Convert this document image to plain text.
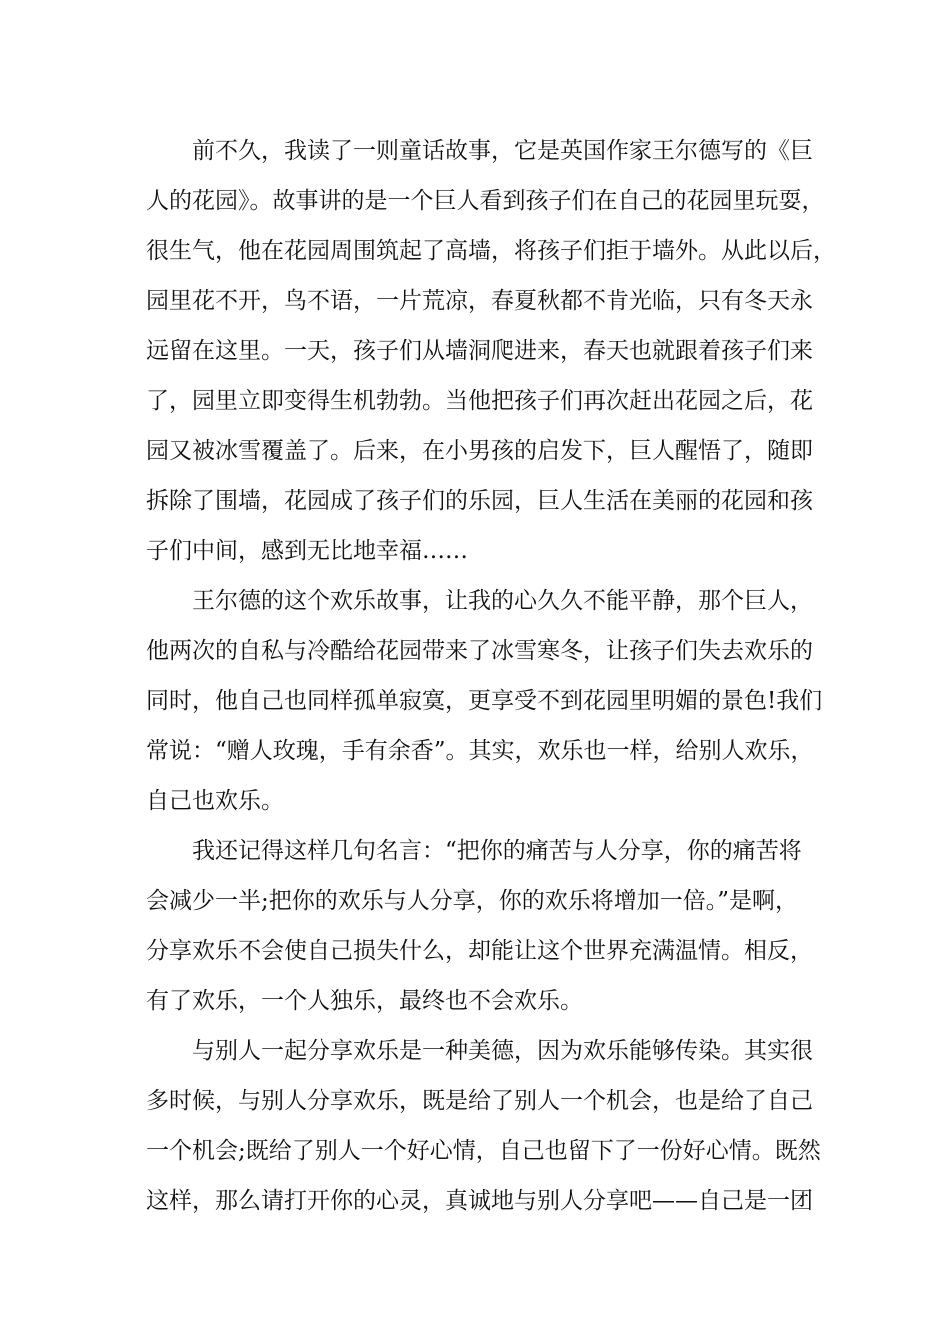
前不久，我读了一则童话故事，它是英国作家王尔德写的《巨
人的花园》。故事讲的是一个巨人看到孩子们在自己的花园里玩耍，
很生气，他在花园周围筑起了高墙，将孩子们拒于墙外。从此以后，
园里花不开，鸟不语，一片荒凉，春夏秋都不肯光临，只有冬天永
远留在这里。一天，孩子们从墙洞爬进来，春天也就跟着孩子们来
了，园里立即变得生机勃勃。当他把孩子们再次赶出花园之后，花
园又被冰雪覆盖了。后来，在小男孩的启发下，巨人醒悟了，随即
拆除了围墙，花园成了孩子们的乐园，巨人生活在美丽的花园和孩
子们中间，感到无比地幸福……
王尔德的这个欢乐故事，让我的心久久不能平静，那个巨人，
他两次的自私与冷酷给花园带来了冰雪寒冬，让孩子们失去欢乐的
同时，他自己也同样孤单寂寞，更享受不到花园里明媚的景色!我们
常说：“赠人玫瑰，手有余香”。其实，欢乐也一样，给别人欢乐，
自己也欢乐。
我还记得这样几句名言：“把你的痛苦与人分享，你的痛苦将
会减少一半;把你的欢乐与人分享，你的欢乐将增加一倍。”是啊，
分享欢乐不会使自己损失什么，却能让这个世界充满温情。相反，
有了欢乐，一个人独乐，最终也不会欢乐。
与别人一起分享欢乐是一种美德，因为欢乐能够传染。其实很
多时候，与别人分享欢乐，既是给了别人一个机会，也是给了自己
一个机会;既给了别人一个好心情，自己也留下了一份好心情。既然
这样，那么请打开你的心灵，真诚地与别人分享吧——自己是一团
